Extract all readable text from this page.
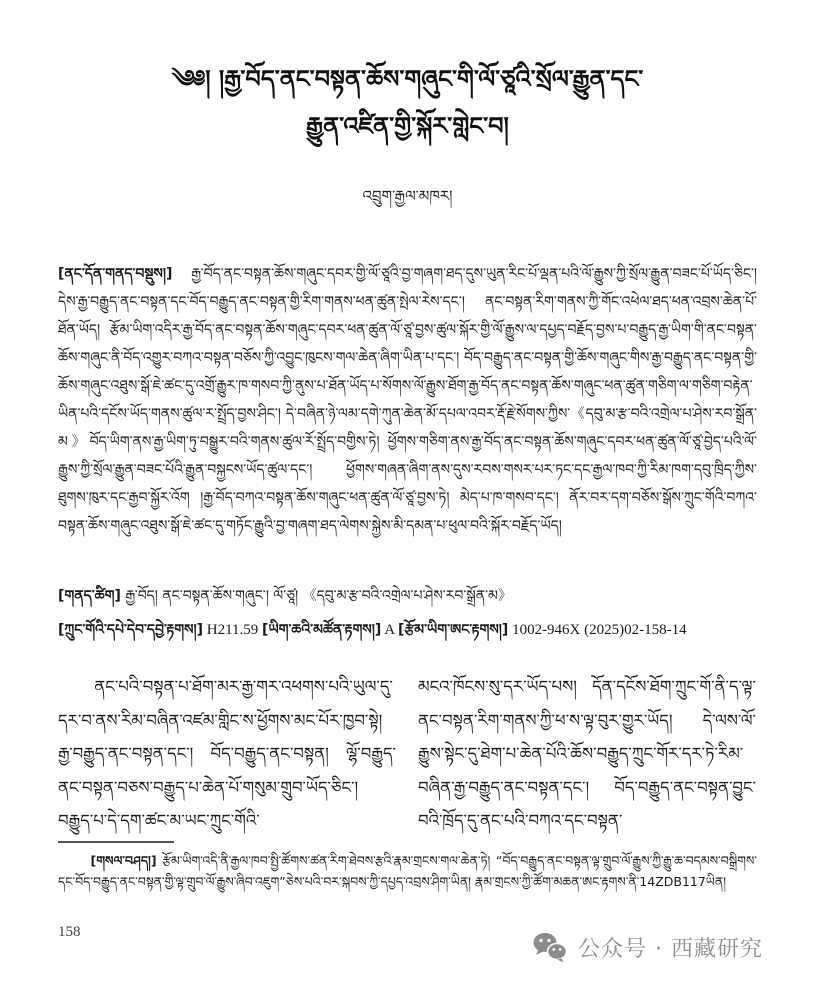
༄༅། །རྒྱ་བོད་ནང་བསྟན་ཆོས་གཞུང་གི་ལོ་ཙཱའི་སྲོལ་རྒྱུན་དང་
རྒྱུན་འཛིན་གྱི་སྐོར་གླེང་བ།
འབྲུག་རྒྱལ་མཁར།

[ནང་དོན་གནད་བསྡུས།] རྒྱ་བོད་ནང་བསྟན་ཆོས་གཞུང་དབར་གྱི་ལོ་ཙཱའི་བྱ་གཞག་ཐད་དུས་ཡུན་རིང་པོ་ལྡན་པའི་ལོ་རྒྱུས་ཀྱི་སྲོལ་རྒྱུན་བཟང་པོ་ཡོད་ཅིང་། དེས་རྒྱ་བརྒྱུད་ནང་བསྟན་དང་བོད་བརྒྱུད་ནང་བསྟན་གྱི་རིག་གནས་ཕན་ཚུན་སྤེལ་རེས་དང་། ནང་བསྟན་རིག་གནས་ཀྱི་གོང་འཕེལ་ཐད་ཕན་འབྲས་ཆེན་པོ་ཐོན་ཡོད། རྩོམ་ཡིག་འདིར་རྒྱ་བོད་ནང་བསྟན་ཆོས་གཞུང་དབར་ཕན་ཚུན་ལོ་ཙཱ་བྱས་ཚུལ་སྐོར་གྱི་ལོ་རྒྱུས་ལ་དཔྱད་བརྗོད་བྱས་པ་བརྒྱུད་རྒྱ་ཡིག་གི་ནང་བསྟན་ཆོས་གཞུང་ནི་བོད་འགྱུར་བཀའ་བསྟན་བཅོས་ཀྱི་འབྱུང་ཁུངས་གལ་ཆེན་ཞིག་ཡིན་པ་དང་། བོད་བརྒྱུད་ནང་བསྟན་གྱི་ཆོས་གཞུང་གིས་རྒྱ་བརྒྱུད་ནང་བསྟན་གྱི་ཆོས་གཞུང་འཐུས་སྒོ་ཇེ་ཚང་དུ་འགྲོ་རྒྱུར་ཁ་གསབ་ཀྱི་ནུས་པ་ཐོན་ཡོད་པ་སོགས་ལོ་རྒྱུས་ཐོག་རྒྱ་བོད་ནང་བསྟན་ཆོས་གཞུང་ཕན་ཚུན་གཅིག་ལ་གཅིག་བརྟེན་ཡིན་པའི་དངོས་ཡོད་གནས་ཚུལ་ར་སྤྲོད་བྱས་ཤིང་། དེ་བཞིན་ཉེ་ལམ་དགེ་ཀུན་ཆེན་མོ་དཔལ་འབར་རྡོ་རྗེ་སོགས་ཀྱིས་《དབུ་མ་རྩ་བའི་འགྲེལ་པ་ཤེས་རབ་སྒྲོན་མ》བོད་ཡིག་ནས་རྒྱ་ཡིག་ཏུ་བསྒྱུར་བའི་གནས་ཚུལ་རོ་སྤྲོད་བགྱིས་ཏེ། ཕྱོགས་གཅིག་ནས་རྒྱ་བོད་ནང་བསྟན་ཆོས་གཞུང་དབར་ཕན་ཚུན་ལོ་ཙཱ་བྱེད་པའི་ལོ་རྒྱུས་ཀྱི་སྲོལ་རྒྱུན་བཟང་པོའི་རྒྱུན་བསྐྱངས་ཡོད་ཚུལ་དང་། ཕྱོགས་གཞན་ཞིག་ནས་དུས་རབས་གསར་པར་ཏང་དང་རྒྱལ་ཁབ་ཀྱི་རིམ་ཁག་དབུ་ཁྲིད་ཀྱིས་ཐུགས་ཁུར་དང་རྒྱབ་སྐྱོར་འོག །རྒྱ་བོད་བཀའ་བསྟན་ཆོས་གཞུང་ཕན་ཚུན་ལོ་ཙཱ་བྱས་ཏེ། མེད་པ་ཁ་གསབ་དང་། ནོར་བར་དག་བཅོས་སྒོས་ཀྲུང་གོའི་བཀའ་བསྟན་ཆོས་གཞུང་འཐུས་སྒོ་ཇེ་ཚང་དུ་གཏོང་རྒྱུའི་བྱ་གཞག་ཐད་ལེགས་སྐྱེས་མི་དམན་པ་ཕུལ་བའི་སྐོར་བརྗོད་ཡོད།

[གནད་ཚིག] རྒྱ་བོད། ནང་བསྟན་ཆོས་གཞུང་། ལོ་ཙཱ། 《དབུ་མ་རྩ་བའི་འགྲེལ་པ་ཤེས་རབ་སྒྲོན་མ》

[ཀྲུང་གོའི་དཔེ་དེབ་དབྱེ་རྟགས།] H211.59 [ཡིག་ཆའི་མཚོན་རྟགས།] A [རྩོམ་ཡིག་ཨང་རྟགས།] 1002-946X (2025)02-158-14

ནང་པའི་བསྟན་པ་ཐོག་མར་རྒྱ་གར་འཕགས་པའི་ཡུལ་དུ་དར་བ་ནས་རིམ་བཞིན་འཛམ་གླིང་ས་ཕྱོགས་མང་པོར་ཁྱབ་སྟེ། རྒྱ་བརྒྱུད་ནང་བསྟན་དང་། བོད་བརྒྱུད་ནང་བསྟན། ལྷོ་བརྒྱུད་ནང་བསྟན་བཅས་བརྒྱུད་པ་ཆེན་པོ་གསུམ་གྲུབ་ཡོད་ཅིང་། བརྒྱུད་པ་དེ་དག་ཚང་མ་ཡང་ཀྲུང་གོའི་

མངའ་ཁོངས་སུ་དར་ཡོད་པས། དོན་དངོས་ཐོག་ཀྲུང་གོ་ནི་ད་ལྟ་ནང་བསྟན་རིག་གནས་ཀྱི་ཕ་ས་ལྟ་བུར་གྱུར་ཡོད། དེ་ལས་ལོ་རྒྱུས་སྟེང་དུ་ཐེག་པ་ཆེན་པོའི་ཆོས་བརྒྱུད་ཀྲུང་གོར་དར་ཏེ་རིམ་བཞིན་རྒྱ་བརྒྱུད་ནང་བསྟན་དང་། བོད་བརྒྱུད་ནང་བསྟན་བྱུང་བའི་ཁྲོད་དུ་ནང་པའི་བཀའ་དང་བསྟན་

[གསལ་བཤད།] རྩོམ་ཡིག་འདི་ནི་རྒྱལ་ཁབ་སྤྱི་ཚོགས་ཚན་རིག་ཐེབས་རྩའི་རྣམ་གྲངས་གལ་ཆེན་ཏེ། “བོད་བརྒྱུད་ནང་བསྟན་ལྟ་གྲུབ་ལོ་རྒྱུས་ཀྱི་རྒྱུ་ཆ་བདམས་བསྒྲིགས་དང་བོད་བརྒྱུད་ནང་བསྟན་གྱི་ལྟ་གྲུབ་ལོ་རྒྱུས་ཞིབ་འཇུག”ཅེས་པའི་བར་སྐབས་ཀྱི་དཔྱད་འབྲས་ཤིག་ཡིན། རྣམ་གྲངས་ཀྱི་ཚོག་མཆན་ཨང་རྟགས་ནི་14ZDB117ཡིན།

158
公众号 · 西藏研究
